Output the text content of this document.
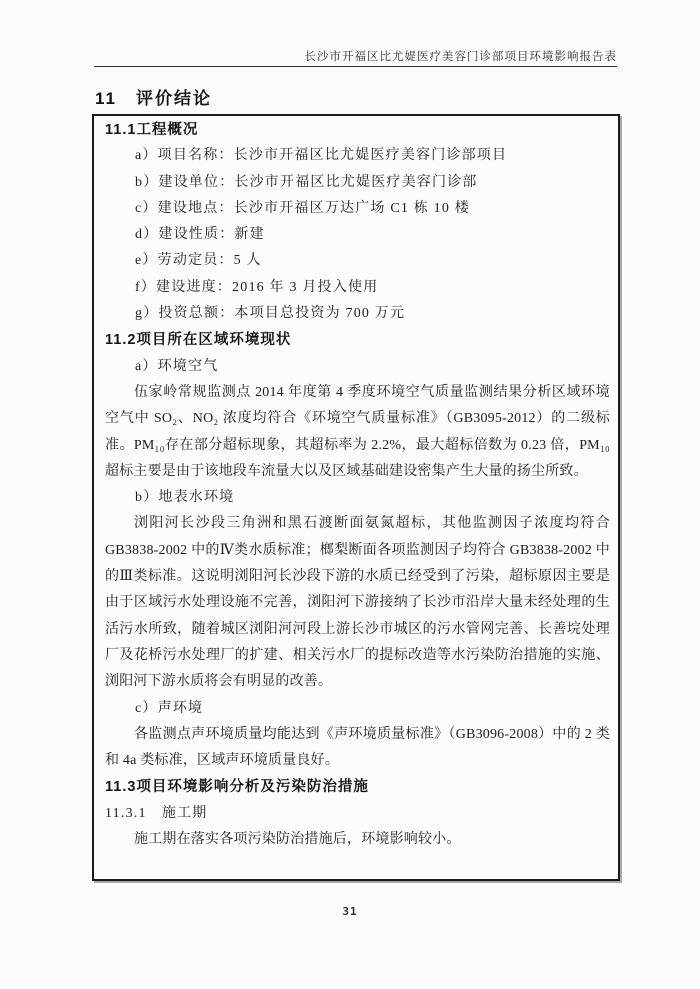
长沙市开福区比尤媞医疗美容门诊部项目环境影响报告表
11　评价结论
11.1工程概况
a）项目名称：长沙市开福区比尤媞医疗美容门诊部项目
b）建设单位：长沙市开福区比尤媞医疗美容门诊部
c）建设地点：长沙市开福区万达广场 C1 栋 10 楼
d）建设性质：新建
e）劳动定员：5 人
f）建设进度：2016 年 3 月投入使用
g）投资总额：本项目总投资为 700 万元
11.2项目所在区域环境现状
a）环境空气
伍家岭常规监测点 2014 年度第 4 季度环境空气质量监测结果分析区域环境空气中 SO₂、NO₂ 浓度均符合《环境空气质量标准》（GB3095-2012）的二级标准。PM₁₀存在部分超标现象，其超标率为 2.2%，最大超标倍数为 0.23 倍，PM₁₀超标主要是由于该地段车流量大以及区域基础建设密集产生大量的扬尘所致。
b）地表水环境
浏阳河长沙段三角洲和黑石渡断面氨氮超标，其他监测因子浓度均符合 GB3838-2002 中的Ⅳ类水质标准；榔梨断面各项监测因子均符合 GB3838-2002 中的Ⅲ类标准。这说明浏阳河长沙段下游的水质已经受到了污染，超标原因主要是由于区域污水处理设施不完善，浏阳河下游接纳了长沙市沿岸大量未经处理的生活污水所致，随着城区浏阳河河段上游长沙市城区的污水管网完善、长善垸处理厂及花桥污水处理厂的扩建、相关污水厂的提标改造等水污染防治措施的实施、浏阳河下游水质将会有明显的改善。
c）声环境
各监测点声环境质量均能达到《声环境质量标准》（GB3096-2008）中的 2 类和 4a 类标准，区域声环境质量良好。
11.3项目环境影响分析及污染防治措施
11.3.1　施工期
施工期在落实各项污染防治措施后，环境影响较小。
31
